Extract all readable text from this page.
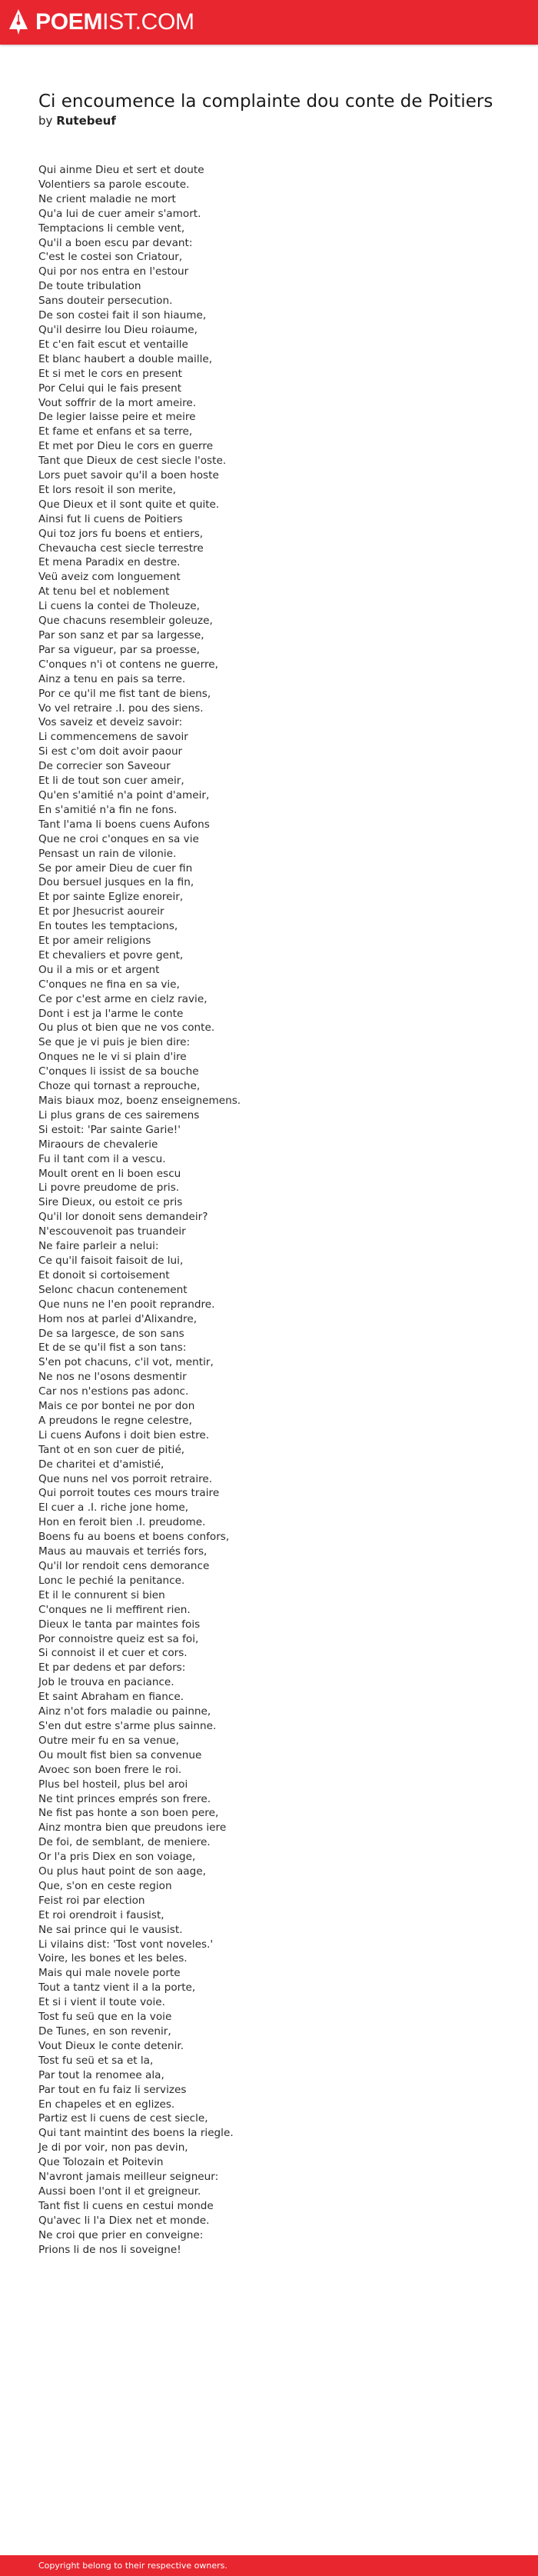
POEMIST.COM
Ci encoumence la complainte dou conte de Poitiers
by Rutebeuf
Qui ainme Dieu et sert et doute
Volentiers sa parole escoute.
Ne crient maladie ne mort
Qu'a lui de cuer ameir s'amort.
Temptacions li cemble vent,
Qu'il a boen escu par devant:
C'est le costei son Criatour,
Qui por nos entra en l'estour
De toute tribulation
Sans douteir persecution.
De son costei fait il son hiaume,
Qu'il desirre lou Dieu roiaume,
Et c'en fait escut et ventaille
Et blanc haubert a double maille,
Et si met le cors en present
Por Celui qui le fais present
Vout soffrir de la mort ameire.
De legier laisse peire et meire
Et fame et enfans et sa terre,
Et met por Dieu le cors en guerre
Tant que Dieux de cest siecle l'oste.
Lors puet savoir qu'il a boen hoste
Et lors resoit il son merite,
Que Dieux et il sont quite et quite.
Ainsi fut li cuens de Poitiers
Qui toz jors fu boens et entiers,
Chevaucha cest siecle terrestre
Et mena Paradix en destre.
Veü aveiz com longuement
At tenu bel et noblement
Li cuens la contei de Tholeuze,
Que chacuns resembleir goleuze,
Par son sanz et par sa largesse,
Par sa vigueur, par sa proesse,
C'onques n'i ot contens ne guerre,
Ainz a tenu en pais sa terre.
Por ce qu'il me fist tant de biens,
Vo vel retraire .I. pou des siens.
Vos saveiz et deveiz savoir:
Li commencemens de savoir
Si est c'om doit avoir paour
De correcier son Saveour
Et li de tout son cuer ameir,
Qu'en s'amitié n'a point d'ameir,
En s'amitié n'a fin ne fons.
Tant l'ama li boens cuens Aufons
Que ne croi c'onques en sa vie
Pensast un rain de vilonie.
Se por ameir Dieu de cuer fin
Dou bersuel jusques en la fin,
Et por sainte Eglize enoreir,
Et por Jhesucrist aoureir
En toutes les temptacions,
Et por ameir religions
Et chevaliers et povre gent,
Ou il a mis or et argent
C'onques ne fina en sa vie,
Ce por c'est arme en cielz ravie,
Dont i est ja l'arme le conte
Ou plus ot bien que ne vos conte.
Se que je vi puis je bien dire:
Onques ne le vi si plain d'ire
C'onques li issist de sa bouche
Choze qui tornast a reprouche,
Mais biaux moz, boenz enseignemens.
Li plus grans de ces sairemens
Si estoit: 'Par sainte Garie!'
Miraours de chevalerie
Fu il tant com il a vescu.
Moult orent en li boen escu
Li povre preudome de pris.
Sire Dieux, ou estoit ce pris
Qu'il lor donoit sens demandeir?
N'escouvenoit pas truandeir
Ne faire parleir a nelui:
Ce qu'il faisoit faisoit de lui,
Et donoit si cortoisement
Selonc chacun contenement
Que nuns ne l'en pooit reprandre.
Hom nos at parlei d'Alixandre,
De sa largesce, de son sans
Et de se qu'il fist a son tans:
S'en pot chacuns, c'il vot, mentir,
Ne nos ne l'osons desmentir
Car nos n'estions pas adonc.
Mais ce por bontei ne por don
A preudons le regne celestre,
Li cuens Aufons i doit bien estre.
Tant ot en son cuer de pitié,
De charitei et d'amistié,
Que nuns nel vos porroit retraire.
Qui porroit toutes ces mours traire
El cuer a .I. riche jone home,
Hon en feroit bien .I. preudome.
Boens fu au boens et boens confors,
Maus au mauvais et terriés fors,
Qu'il lor rendoit cens demorance
Lonc le pechié la penitance.
Et il le connurent si bien
C'onques ne li meffirent rien.
Dieux le tanta par maintes fois
Por connoistre queiz est sa foi,
Si connoist il et cuer et cors.
Et par dedens et par defors:
Job le trouva en paciance.
Et saint Abraham en fiance.
Ainz n'ot fors maladie ou painne,
S'en dut estre s'arme plus sainne.
Outre meir fu en sa venue,
Ou moult fist bien sa convenue
Avoec son boen frere le roi.
Plus bel hosteil, plus bel aroi
Ne tint princes emprés son frere.
Ne fist pas honte a son boen pere,
Ainz montra bien que preudons iere
De foi, de semblant, de meniere.
Or l'a pris Diex en son voiage,
Ou plus haut point de son aage,
Que, s'on en ceste region
Feist roi par election
Et roi orendroit i fausist,
Ne sai prince qui le vausist.
Li vilains dist: 'Tost vont noveles.'
Voire, les bones et les beles.
Mais qui male novele porte
Tout a tantz vient il a la porte,
Et si i vient il toute voie.
Tost fu seü que en la voie
De Tunes, en son revenir,
Vout Dieux le conte detenir.
Tost fu seü et sa et la,
Par tout la renomee ala,
Par tout en fu faiz li servizes
En chapeles et en eglizes.
Partiz est li cuens de cest siecle,
Qui tant maintint des boens la riegle.
Je di por voir, non pas devin,
Que Tolozain et Poitevin
N'avront jamais meilleur seigneur:
Aussi boen l'ont il et greigneur.
Tant fist li cuens en cestui monde
Qu'avec li l'a Diex net et monde.
Ne croi que prier en conveigne:
Prions li de nos li soveigne!
Copyright belong to their respective owners.
